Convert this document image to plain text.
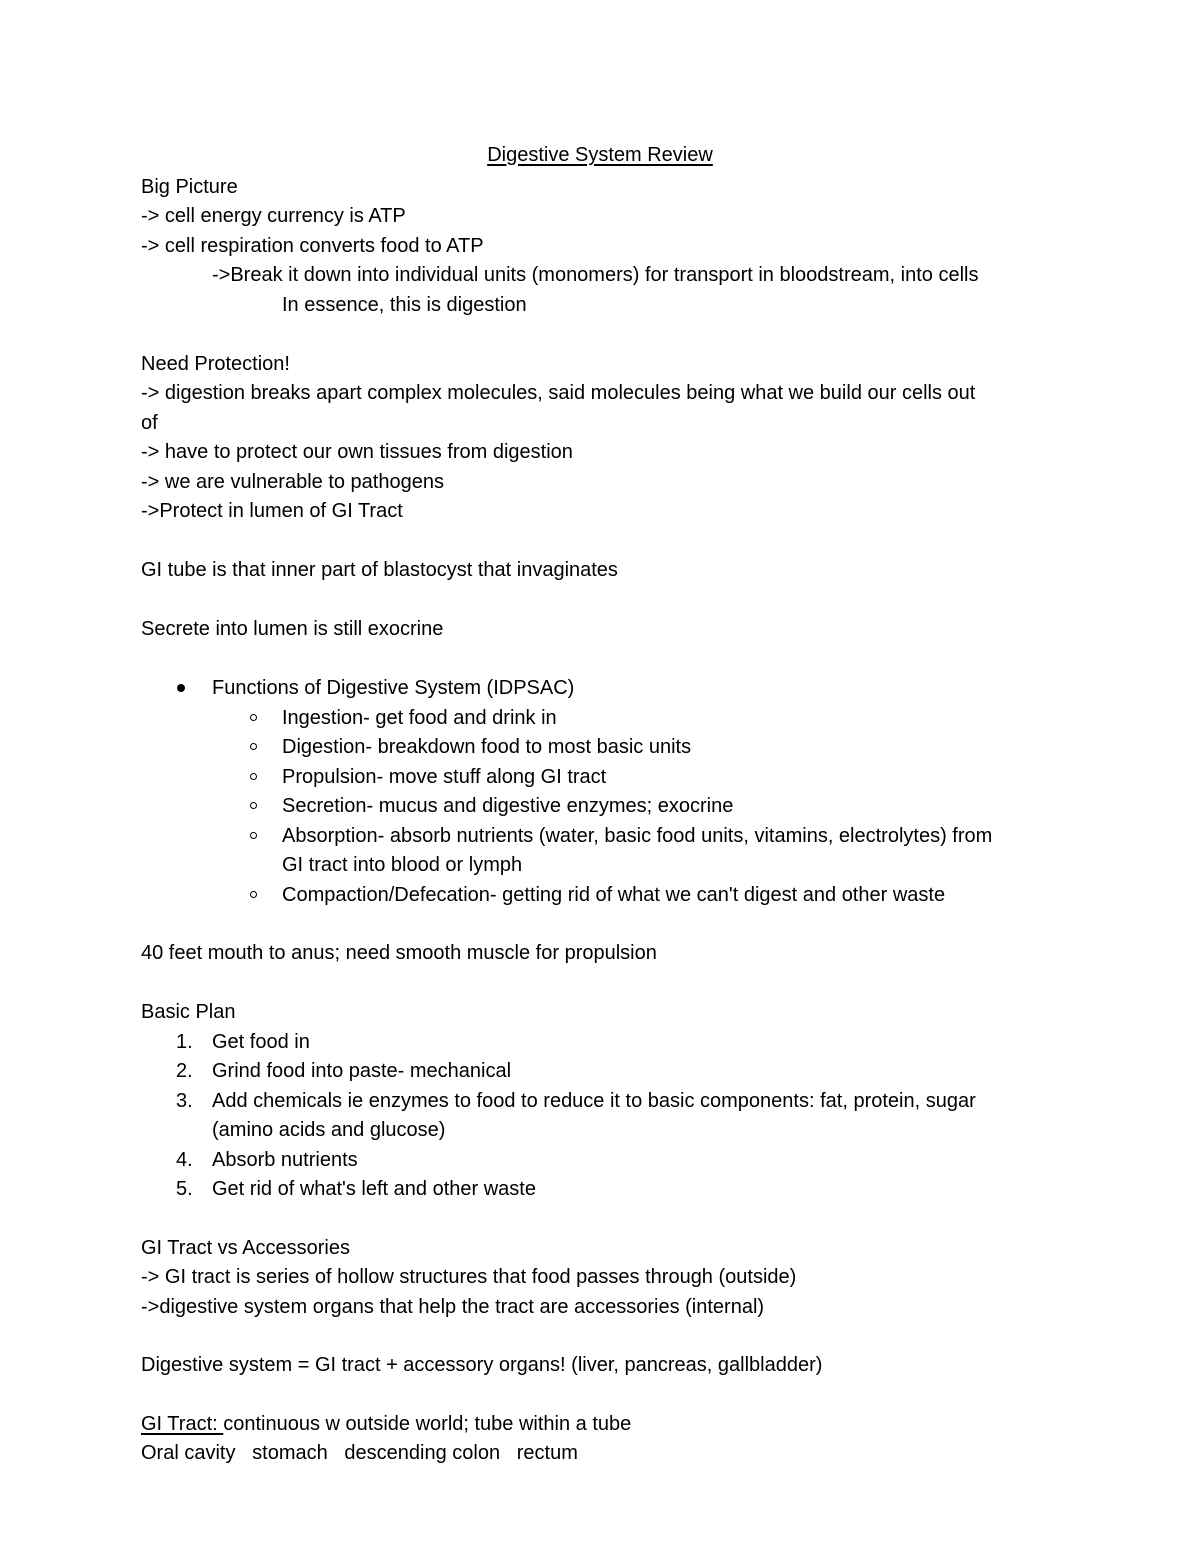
Digestive System Review
Big Picture
-> cell energy currency is ATP
-> cell respiration converts food to ATP
->Break it down into individual units (monomers) for transport in bloodstream, into cells
In essence, this is digestion
Need Protection!
-> digestion breaks apart complex molecules, said molecules being what we build our cells out
of
-> have to protect our own tissues from digestion
-> we are vulnerable to pathogens
->Protect in lumen of GI Tract
GI tube is that inner part of blastocyst that invaginates
Secrete into lumen is still exocrine
Functions of Digestive System (IDPSAC)
Ingestion- get food and drink in
Digestion- breakdown food to most basic units
Propulsion- move stuff along GI tract
Secretion- mucus and digestive enzymes; exocrine
Absorption- absorb nutrients (water, basic food units, vitamins, electrolytes) from
GI tract into blood or lymph
Compaction/Defecation- getting rid of what we can't digest and other waste
40 feet mouth to anus; need smooth muscle for propulsion
Basic Plan
1. Get food in
2. Grind food into paste- mechanical
3. Add chemicals ie enzymes to food to reduce it to basic components: fat, protein, sugar
(amino acids and glucose)
4. Absorb nutrients
5. Get rid of what's left and other waste
GI Tract vs Accessories
-> GI tract is series of hollow structures that food passes through (outside)
->digestive system organs that help the tract are accessories (internal)
Digestive system = GI tract + accessory organs! (liver, pancreas, gallbladder)
GI Tract: continuous w outside world; tube within a tube
Oral cavity   stomach   descending colon   rectum
